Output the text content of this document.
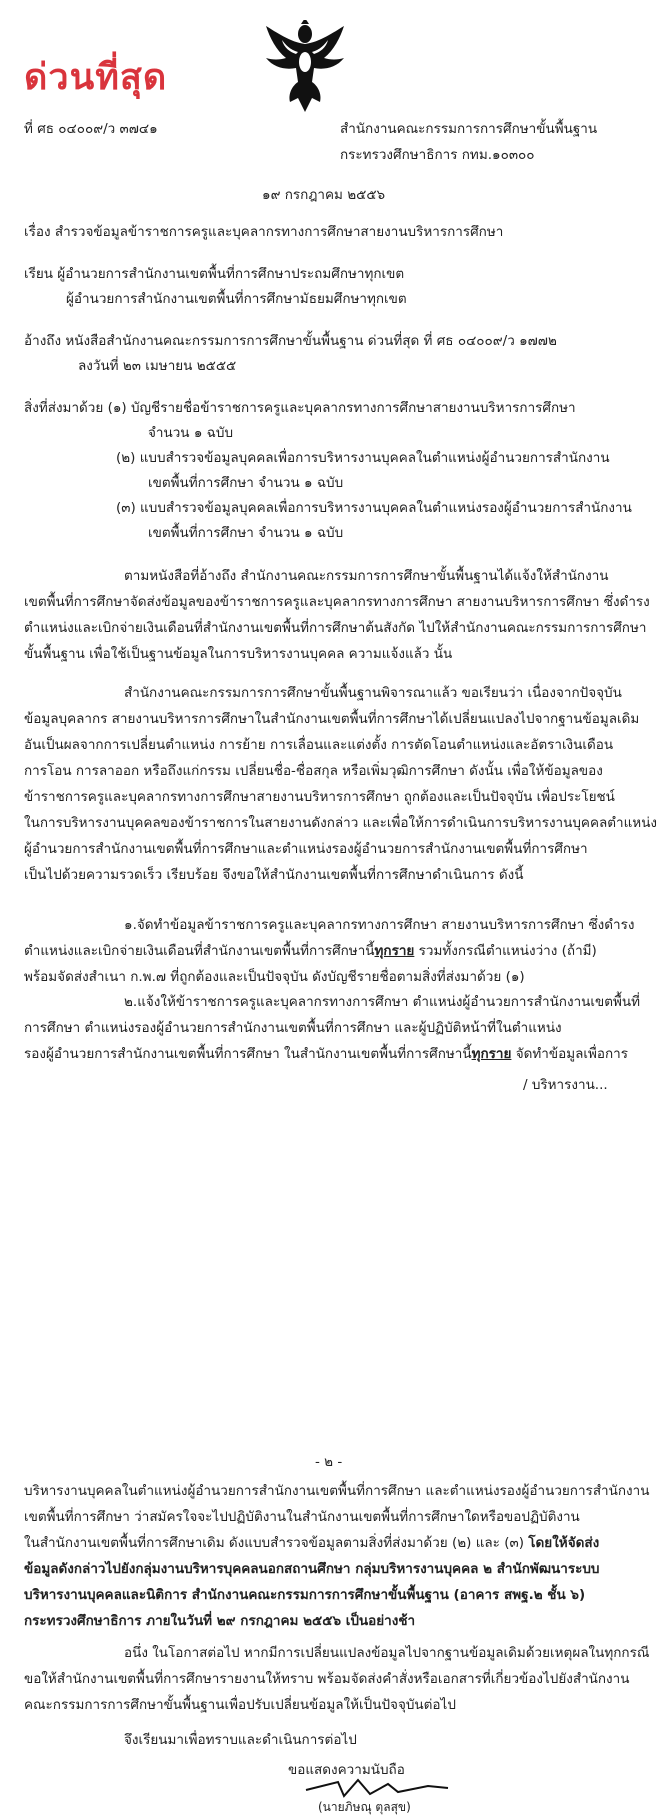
ด่วนที่สุด
ที่ ศธ ๐๔๐๐๙/ว ๓๗๔๑	สำนักงานคณะกรรมการการศึกษาขั้นพื้นฐาน
กระทรวงศึกษาธิการ กทม.๑๐๓๐๐
๑๙ กรกฎาคม ๒๕๕๖
เรื่อง สำรวจข้อมูลข้าราชการครูและบุคลากรทางการศึกษาสายงานบริหารการศึกษา
เรียน ผู้อำนวยการสำนักงานเขตพื้นที่การศึกษาประถมศึกษาทุกเขต
ผู้อำนวยการสำนักงานเขตพื้นที่การศึกษามัธยมศึกษาทุกเขต
อ้างถึง หนังสือสำนักงานคณะกรรมการการศึกษาขั้นพื้นฐาน ด่วนที่สุด ที่ ศธ ๐๔๐๐๙/ว ๑๗๗๒
ลงวันที่ ๒๓ เมษายน ๒๕๕๕
สิ่งที่ส่งมาด้วย (๑) บัญชีรายชื่อข้าราชการครูและบุคลากรทางการศึกษาสายงานบริหารการศึกษา
จำนวน ๑ ฉบับ
(๒) แบบสำรวจข้อมูลบุคคลเพื่อการบริหารงานบุคคลในตำแหน่งผู้อำนวยการสำนักงาน
เขตพื้นที่การศึกษา จำนวน ๑ ฉบับ
(๓) แบบสำรวจข้อมูลบุคคลเพื่อการบริหารงานบุคคลในตำแหน่งรองผู้อำนวยการสำนักงาน
เขตพื้นที่การศึกษา จำนวน ๑ ฉบับ
ตามหนังสือที่อ้างถึง สำนักงานคณะกรรมการการศึกษาขั้นพื้นฐานได้แจ้งให้สำนักงาน
เขตพื้นที่การศึกษาจัดส่งข้อมูลของข้าราชการครูและบุคลากรทางการศึกษา สายงานบริหารการศึกษา ซึ่งดำรง
ตำแหน่งและเบิกจ่ายเงินเดือนที่สำนักงานเขตพื้นที่การศึกษาต้นสังกัด ไปให้สำนักงานคณะกรรมการการศึกษา
ขั้นพื้นฐาน เพื่อใช้เป็นฐานข้อมูลในการบริหารงานบุคคล ความแจ้งแล้ว นั้น
สำนักงานคณะกรรมการการศึกษาขั้นพื้นฐานพิจารณาแล้ว ขอเรียนว่า เนื่องจากปัจจุบัน
ข้อมูลบุคลากร สายงานบริหารการศึกษาในสำนักงานเขตพื้นที่การศึกษาได้เปลี่ยนแปลงไปจากฐานข้อมูลเดิม
อันเป็นผลจากการเปลี่ยนตำแหน่ง การย้าย การเลื่อนและแต่งตั้ง การตัดโอนตำแหน่งและอัตราเงินเดือน
การโอน การลาออก หรือถึงแก่กรรม เปลี่ยนชื่อ-ชื่อสกุล หรือเพิ่มวุฒิการศึกษา ดังนั้น เพื่อให้ข้อมูลของ
ข้าราชการครูและบุคลากรทางการศึกษาสายงานบริหารการศึกษา ถูกต้องและเป็นปัจจุบัน เพื่อประโยชน์
ในการบริหารงานบุคคลของข้าราชการในสายงานดังกล่าว และเพื่อให้การดำเนินการบริหารงานบุคคลตำแหน่ง
ผู้อำนวยการสำนักงานเขตพื้นที่การศึกษาและตำแหน่งรองผู้อำนวยการสำนักงานเขตพื้นที่การศึกษา
เป็นไปด้วยความรวดเร็ว เรียบร้อย จึงขอให้สำนักงานเขตพื้นที่การศึกษาดำเนินการ ดังนี้
๑.จัดทำข้อมูลข้าราชการครูและบุคลากรทางการศึกษา สายงานบริหารการศึกษา ซึ่งดำรง
ตำแหน่งและเบิกจ่ายเงินเดือนที่สำนักงานเขตพื้นที่การศึกษานี้ทุกราย รวมทั้งกรณีตำแหน่งว่าง (ถ้ามี)
พร้อมจัดส่งสำเนา ก.พ.๗ ที่ถูกต้องและเป็นปัจจุบัน ดังบัญชีรายชื่อตามสิ่งที่ส่งมาด้วย (๑)
๒.แจ้งให้ข้าราชการครูและบุคลากรทางการศึกษา ตำแหน่งผู้อำนวยการสำนักงานเขตพื้นที่
การศึกษา ตำแหน่งรองผู้อำนวยการสำนักงานเขตพื้นที่การศึกษา และผู้ปฏิบัติหน้าที่ในตำแหน่ง
รองผู้อำนวยการสำนักงานเขตพื้นที่การศึกษา ในสำนักงานเขตพื้นที่การศึกษานี้ทุกราย จัดทำข้อมูลเพื่อการ
/ บริหารงาน...
- ๒ -
บริหารงานบุคคลในตำแหน่งผู้อำนวยการสำนักงานเขตพื้นที่การศึกษา และตำแหน่งรองผู้อำนวยการสำนักงาน
เขตพื้นที่การศึกษา ว่าสมัครใจจะไปปฏิบัติงานในสำนักงานเขตพื้นที่การศึกษาใดหรือขอปฏิบัติงาน
ในสำนักงานเขตพื้นที่การศึกษาเดิม ดังแบบสำรวจข้อมูลตามสิ่งที่ส่งมาด้วย (๒) และ (๓) โดยให้จัดส่ง
ข้อมูลดังกล่าวไปยังกลุ่มงานบริหารบุคคลนอกสถานศึกษา กลุ่มบริหารงานบุคคล ๒ สำนักพัฒนาระบบ
บริหารงานบุคคลและนิติการ สำนักงานคณะกรรมการการศึกษาขั้นพื้นฐาน (อาคาร สพฐ.๒ ชั้น ๖)
กระทรวงศึกษาธิการ ภายในวันที่ ๒๙ กรกฎาคม ๒๕๕๖ เป็นอย่างช้า
อนึ่ง ในโอกาสต่อไป หากมีการเปลี่ยนแปลงข้อมูลไปจากฐานข้อมูลเดิมด้วยเหตุผลในทุกกรณี
ขอให้สำนักงานเขตพื้นที่การศึกษารายงานให้ทราบ พร้อมจัดส่งคำสั่งหรือเอกสารที่เกี่ยวข้องไปยังสำนักงาน
คณะกรรมการการศึกษาขั้นพื้นฐานเพื่อปรับเปลี่ยนข้อมูลให้เป็นปัจจุบันต่อไป
จึงเรียนมาเพื่อทราบและดำเนินการต่อไป
ขอแสดงความนับถือ
(นายภิษณุ ตุลสุข)
